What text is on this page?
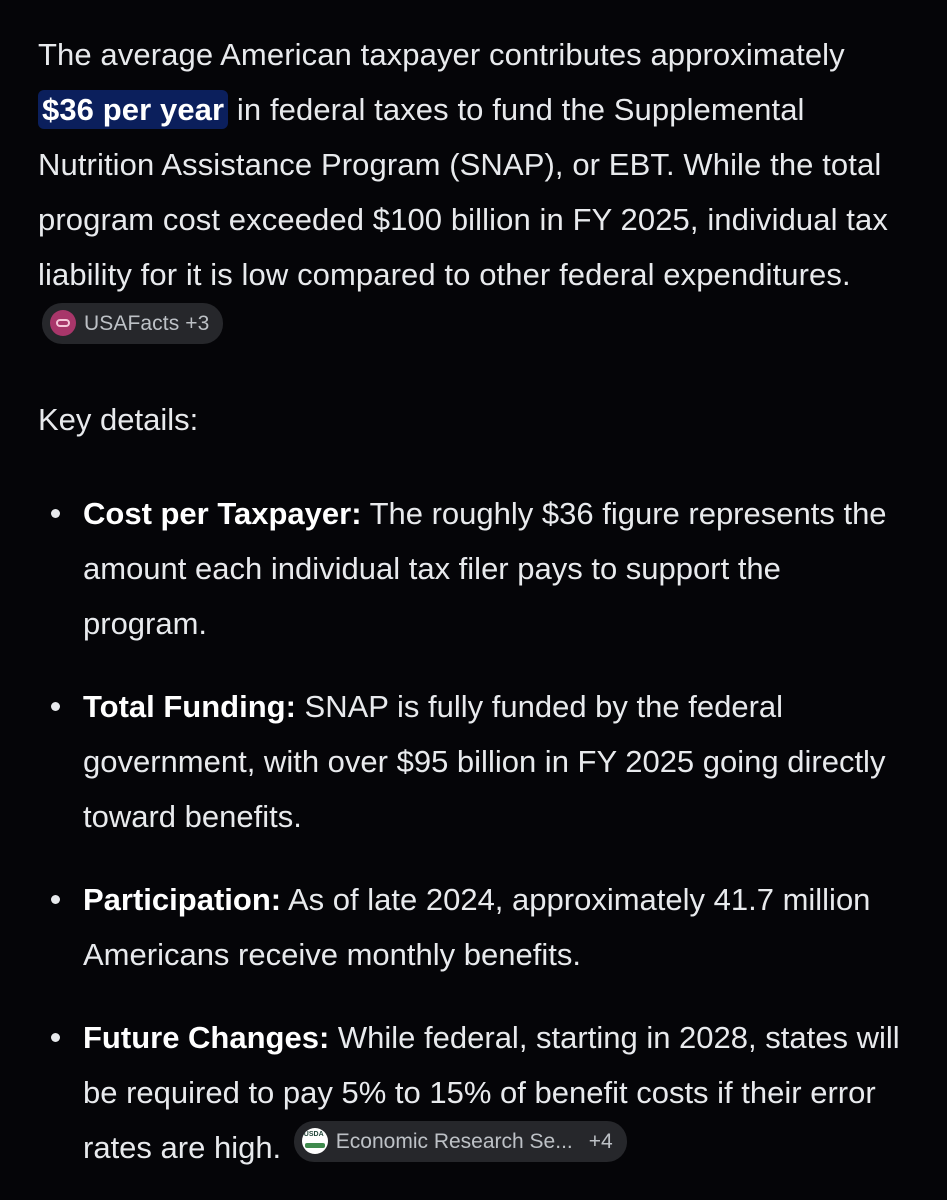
The average American taxpayer contributes approximately $36 per year in federal taxes to fund the Supplemental Nutrition Assistance Program (SNAP), or EBT. While the total program cost exceeded $100 billion in FY 2025, individual tax liability for it is low compared to other federal expenditures.
USAFacts +3

Key details:

Cost per Taxpayer: The roughly $36 figure represents the amount each individual tax filer pays to support the program.
Total Funding: SNAP is fully funded by the federal government, with over $95 billion in FY 2025 going directly toward benefits.
Participation: As of late 2024, approximately 41.7 million Americans receive monthly benefits.
Future Changes: While federal, starting in 2028, states will be required to pay 5% to 15% of benefit costs if their error rates are high.
USDA	Economic Research Se... +4
